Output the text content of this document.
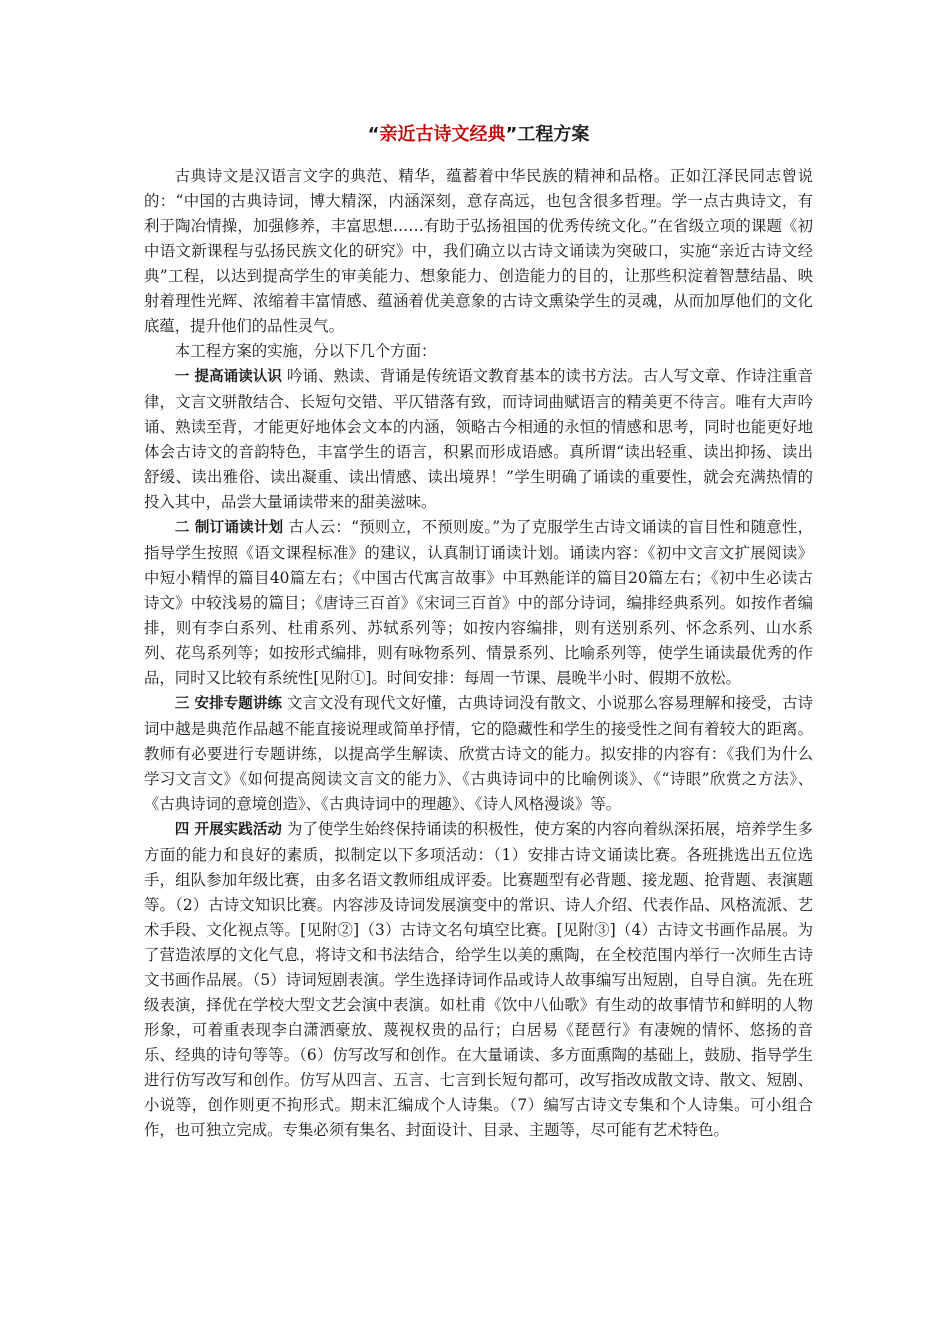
“亲近古诗文经典”工程方案

古典诗文是汉语言文字的典范、精华，蕴蓄着中华民族的精神和品格。正如江泽民同志曾说的：“中国的古典诗词，博大精深，内涵深刻，意存高远，也包含很多哲理。学一点古典诗文，有利于陶冶情操，加强修养，丰富思想……有助于弘扬祖国的优秀传统文化。”在省级立项的课题《初中语文新课程与弘扬民族文化的研究》中，我们确立以古诗文诵读为突破口，实施“亲近古诗文经典”工程，以达到提高学生的审美能力、想象能力、创造能力的目的，让那些积淀着智慧结晶、映射着理性光辉、浓缩着丰富情感、蕴涵着优美意象的古诗文熏染学生的灵魂，从而加厚他们的文化底蕴，提升他们的品性灵气。

本工程方案的实施，分以下几个方面：

一 提高诵读认识 吟诵、熟读、背诵是传统语文教育基本的读书方法。古人写文章、作诗注重音律，文言文骈散结合、长短句交错、平仄错落有致，而诗词曲赋语言的精美更不待言。唯有大声吟诵、熟读至背，才能更好地体会文本的内涵，领略古今相通的永恒的情感和思考，同时也能更好地体会古诗文的音韵特色，丰富学生的语言，积累而形成语感。真所谓“读出轻重、读出抑扬、读出舒缓、读出雅俗、读出凝重、读出情感、读出境界！”学生明确了诵读的重要性，就会充满热情的投入其中，品尝大量诵读带来的甜美滋味。

二 制订诵读计划 古人云：“预则立，不预则废。”为了克服学生古诗文诵读的盲目性和随意性，指导学生按照《语文课程标准》的建议，认真制订诵读计划。诵读内容：《初中文言文扩展阅读》中短小精悍的篇目40篇左右；《中国古代寓言故事》中耳熟能详的篇目20篇左右；《初中生必读古诗文》中较浅易的篇目；《唐诗三百首》《宋词三百首》中的部分诗词，编排经典系列。如按作者编排，则有李白系列、杜甫系列、苏轼系列等；如按内容编排，则有送别系列、怀念系列、山水系列、花鸟系列等；如按形式编排，则有咏物系列、情景系列、比喻系列等，使学生诵读最优秀的作品，同时又比较有系统性[见附①]。时间安排：每周一节课、晨晚半小时、假期不放松。

三 安排专题讲练 文言文没有现代文好懂，古典诗词没有散文、小说那么容易理解和接受，古诗词中越是典范作品越不能直接说理或简单抒情，它的隐藏性和学生的接受性之间有着较大的距离。教师有必要进行专题讲练，以提高学生解读、欣赏古诗文的能力。拟安排的内容有：《我们为什么学习文言文》《如何提高阅读文言文的能力》、《古典诗词中的比喻例谈》、《“诗眼”欣赏之方法》、《古典诗词的意境创造》、《古典诗词中的理趣》、《诗人风格漫谈》等。

四 开展实践活动 为了使学生始终保持诵读的积极性，使方案的内容向着纵深拓展，培养学生多方面的能力和良好的素质，拟制定以下多项活动：（1）安排古诗文诵读比赛。各班挑选出五位选手，组队参加年级比赛，由多名语文教师组成评委。比赛题型有必背题、接龙题、抢背题、表演题等。（2）古诗文知识比赛。内容涉及诗词发展演变中的常识、诗人介绍、代表作品、风格流派、艺术手段、文化视点等。[见附②]（3）古诗文名句填空比赛。[见附③]（4）古诗文书画作品展。为了营造浓厚的文化气息，将诗文和书法结合，给学生以美的熏陶，在全校范围内举行一次师生古诗文书画作品展。（5）诗词短剧表演。学生选择诗词作品或诗人故事编写出短剧，自导自演。先在班级表演，择优在学校大型文艺会演中表演。如杜甫《饮中八仙歌》有生动的故事情节和鲜明的人物形象，可着重表现李白潇洒豪放、蔑视权贵的品行；白居易《琵琶行》有凄婉的情怀、悠扬的音乐、经典的诗句等等。（6）仿写改写和创作。在大量诵读、多方面熏陶的基础上，鼓励、指导学生进行仿写改写和创作。仿写从四言、五言、七言到长短句都可，改写指改成散文诗、散文、短剧、小说等，创作则更不拘形式。期末汇编成个人诗集。（7）编写古诗文专集和个人诗集。可小组合作，也可独立完成。专集必须有集名、封面设计、目录、主题等，尽可能有艺术特色。
